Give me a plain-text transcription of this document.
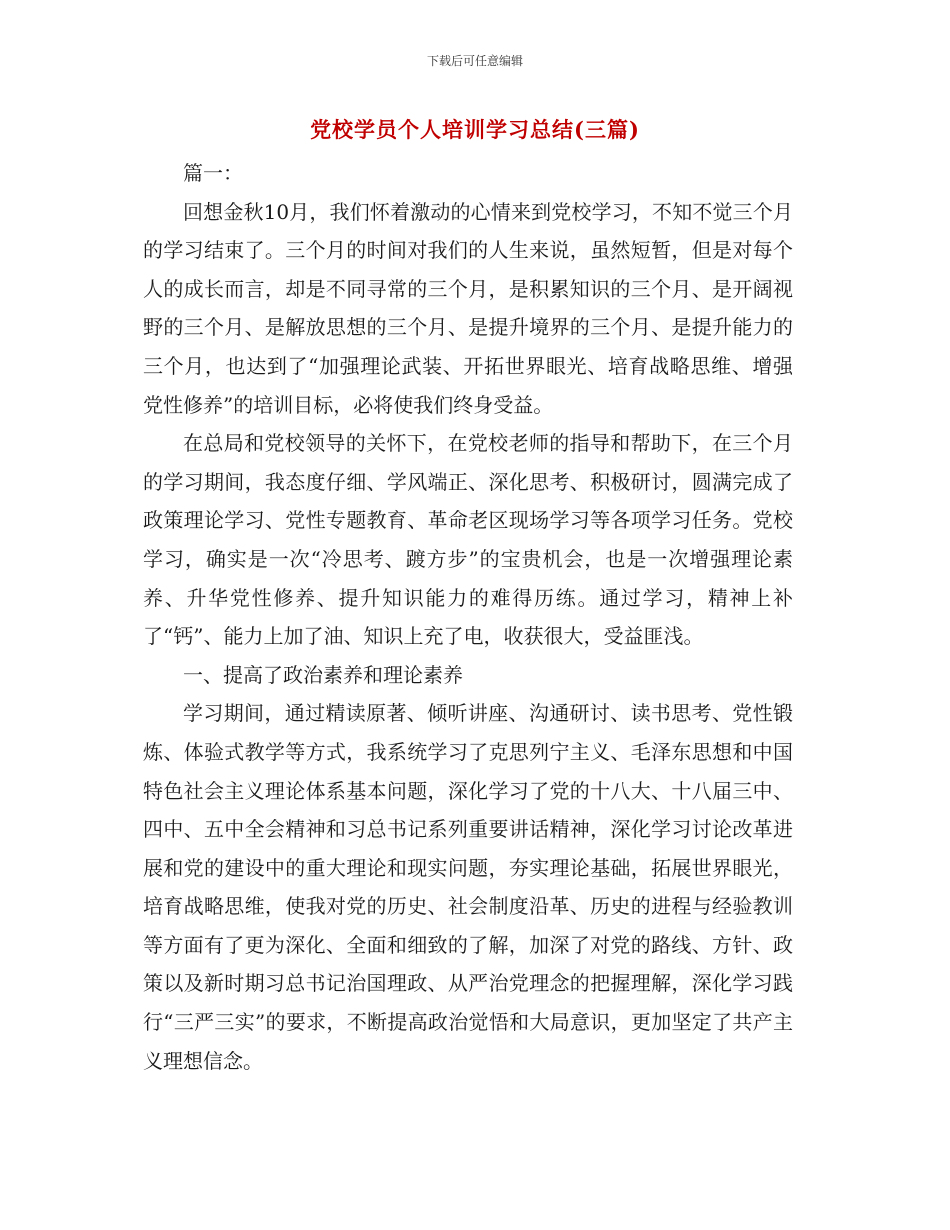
下载后可任意编辑
党校学员个人培训学习总结(三篇)

篇一：

回想金秋10月，我们怀着激动的心情来到党校学习，不知不觉三个月的学习结束了。三个月的时间对我们的人生来说，虽然短暂，但是对每个人的成长而言，却是不同寻常的三个月，是积累知识的三个月、是开阔视野的三个月、是解放思想的三个月、是提升境界的三个月、是提升能力的三个月，也达到了“加强理论武装、开拓世界眼光、培育战略思维、增强党性修养”的培训目标，必将使我们终身受益。

在总局和党校领导的关怀下，在党校老师的指导和帮助下，在三个月的学习期间，我态度仔细、学风端正、深化思考、积极研讨，圆满完成了政策理论学习、党性专题教育、革命老区现场学习等各项学习任务。党校学习，确实是一次“冷思考、踱方步”的宝贵机会，也是一次增强理论素养、升华党性修养、提升知识能力的难得历练。通过学习，精神上补了“钙”、能力上加了油、知识上充了电，收获很大，受益匪浅。

一、提高了政治素养和理论素养

学习期间，通过精读原著、倾听讲座、沟通研讨、读书思考、党性锻炼、体验式教学等方式，我系统学习了克思列宁主义、毛泽东思想和中国特色社会主义理论体系基本问题，深化学习了党的十八大、十八届三中、四中、五中全会精神和习总书记系列重要讲话精神，深化学习讨论改革进展和党的建设中的重大理论和现实问题，夯实理论基础，拓展世界眼光，培育战略思维，使我对党的历史、社会制度沿革、历史的进程与经验教训等方面有了更为深化、全面和细致的了解，加深了对党的路线、方针、政策以及新时期习总书记治国理政、从严治党理念的把握理解，深化学习践行“三严三实”的要求，不断提高政治觉悟和大局意识，更加坚定了共产主义理想信念。
